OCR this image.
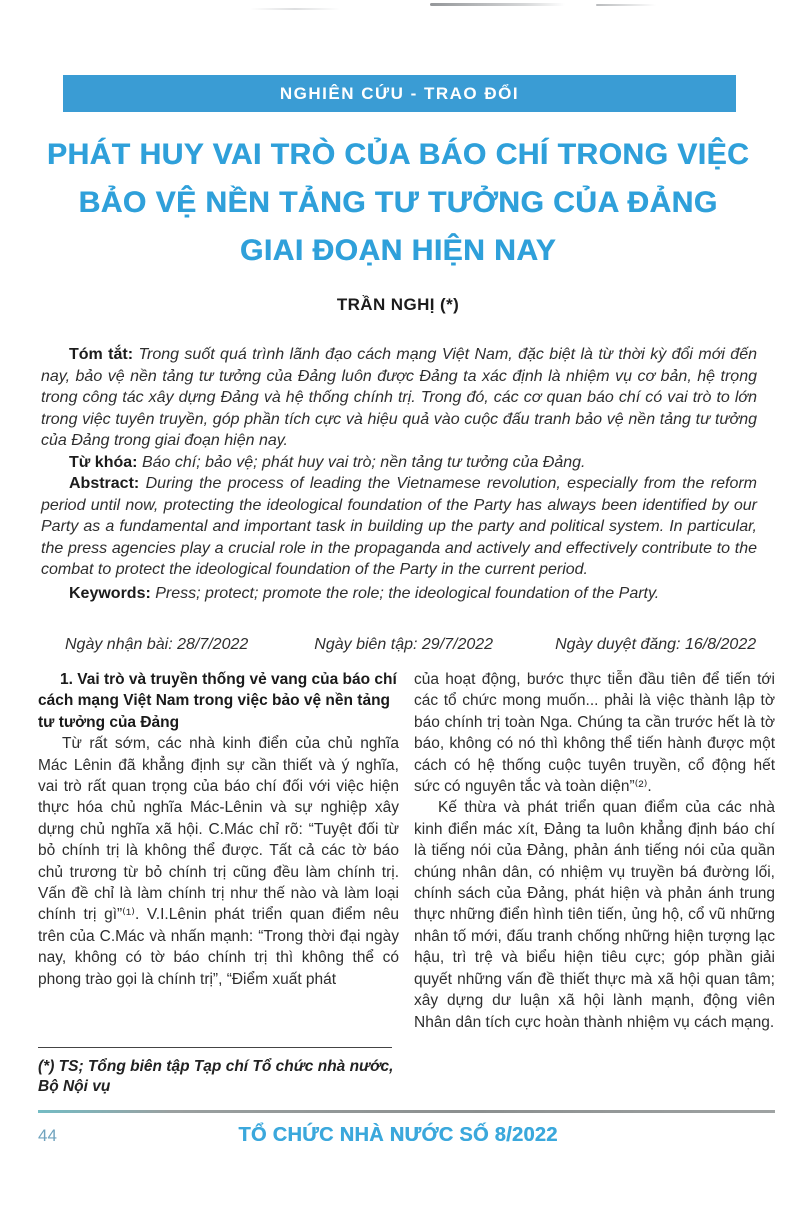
NGHIÊN CỨU - TRAO ĐỔI
PHÁT HUY VAI TRÒ CỦA BÁO CHÍ TRONG VIỆC
BẢO VỆ NỀN TẢNG TƯ TƯỞNG CỦA ĐẢNG
GIAI ĐOẠN HIỆN NAY
TRẦN NGHỊ (*)

Tóm tắt: Trong suốt quá trình lãnh đạo cách mạng Việt Nam, đặc biệt là từ thời kỳ đổi mới đến nay, bảo vệ nền tảng tư tưởng của Đảng luôn được Đảng ta xác định là nhiệm vụ cơ bản, hệ trọng trong công tác xây dựng Đảng và hệ thống chính trị. Trong đó, các cơ quan báo chí có vai trò to lớn trong việc tuyên truyền, góp phần tích cực và hiệu quả vào cuộc đấu tranh bảo vệ nền tảng tư tưởng của Đảng trong giai đoạn hiện nay.

Từ khóa: Báo chí; bảo vệ; phát huy vai trò; nền tảng tư tưởng của Đảng.

Abstract: During the process of leading the Vietnamese revolution, especially from the reform period until now, protecting the ideological foundation of the Party has always been identified by our Party as a fundamental and important task in building up the party and political system. In particular, the press agencies play a crucial role in the propaganda and actively and effectively contribute to the combat to protect the ideological foundation of the Party in the current period.

Keywords: Press; protect; promote the role; the ideological foundation of the Party.

Ngày nhận bài: 28/7/2022	Ngày biên tập: 29/7/2022	Ngày duyệt đăng: 16/8/2022
1. Vai trò và truyền thống vẻ vang của báo chí cách mạng Việt Nam trong việc bảo vệ nền tảng tư tưởng của Đảng

Từ rất sớm, các nhà kinh điển của chủ nghĩa Mác Lênin đã khẳng định sự cần thiết và ý nghĩa, vai trò rất quan trọng của báo chí đối với việc hiện thực hóa chủ nghĩa Mác-Lênin và sự nghiệp xây dựng chủ nghĩa xã hội. C.Mác chỉ rõ: “Tuyệt đối từ bỏ chính trị là không thể được. Tất cả các tờ báo chủ trương từ bỏ chính trị cũng đều làm chính trị. Vấn đề chỉ là làm chính trị như thế nào và làm loại chính trị gì”⁽¹⁾. V.I.Lênin phát triển quan điểm nêu trên của C.Mác và nhấn mạnh: “Trong thời đại ngày nay, không có tờ báo chính trị thì không thể có phong trào gọi là chính trị”, “Điểm xuất phát

(*) TS; Tổng biên tập Tạp chí Tổ chức nhà nước, Bộ Nội vụ

của hoạt động, bước thực tiễn đầu tiên để tiến tới các tổ chức mong muốn... phải là việc thành lập tờ báo chính trị toàn Nga. Chúng ta cần trước hết là tờ báo, không có nó thì không thể tiến hành được một cách có hệ thống cuộc tuyên truyền, cổ động hết sức có nguyên tắc và toàn diện”⁽²⁾.

Kế thừa và phát triển quan điểm của các nhà kinh điển mác xít, Đảng ta luôn khẳng định báo chí là tiếng nói của Đảng, phản ánh tiếng nói của quần chúng nhân dân, có nhiệm vụ truyền bá đường lối, chính sách của Đảng, phát hiện và phản ánh trung thực những điển hình tiên tiến, ủng hộ, cổ vũ những nhân tố mới, đấu tranh chống những hiện tượng lạc hậu, trì trệ và biểu hiện tiêu cực; góp phần giải quyết những vấn đề thiết thực mà xã hội quan tâm; xây dựng dư luận xã hội lành mạnh, động viên Nhân dân tích cực hoàn thành nhiệm vụ cách mạng.

44	TỔ CHỨC NHÀ NƯỚC SỐ 8/2022
